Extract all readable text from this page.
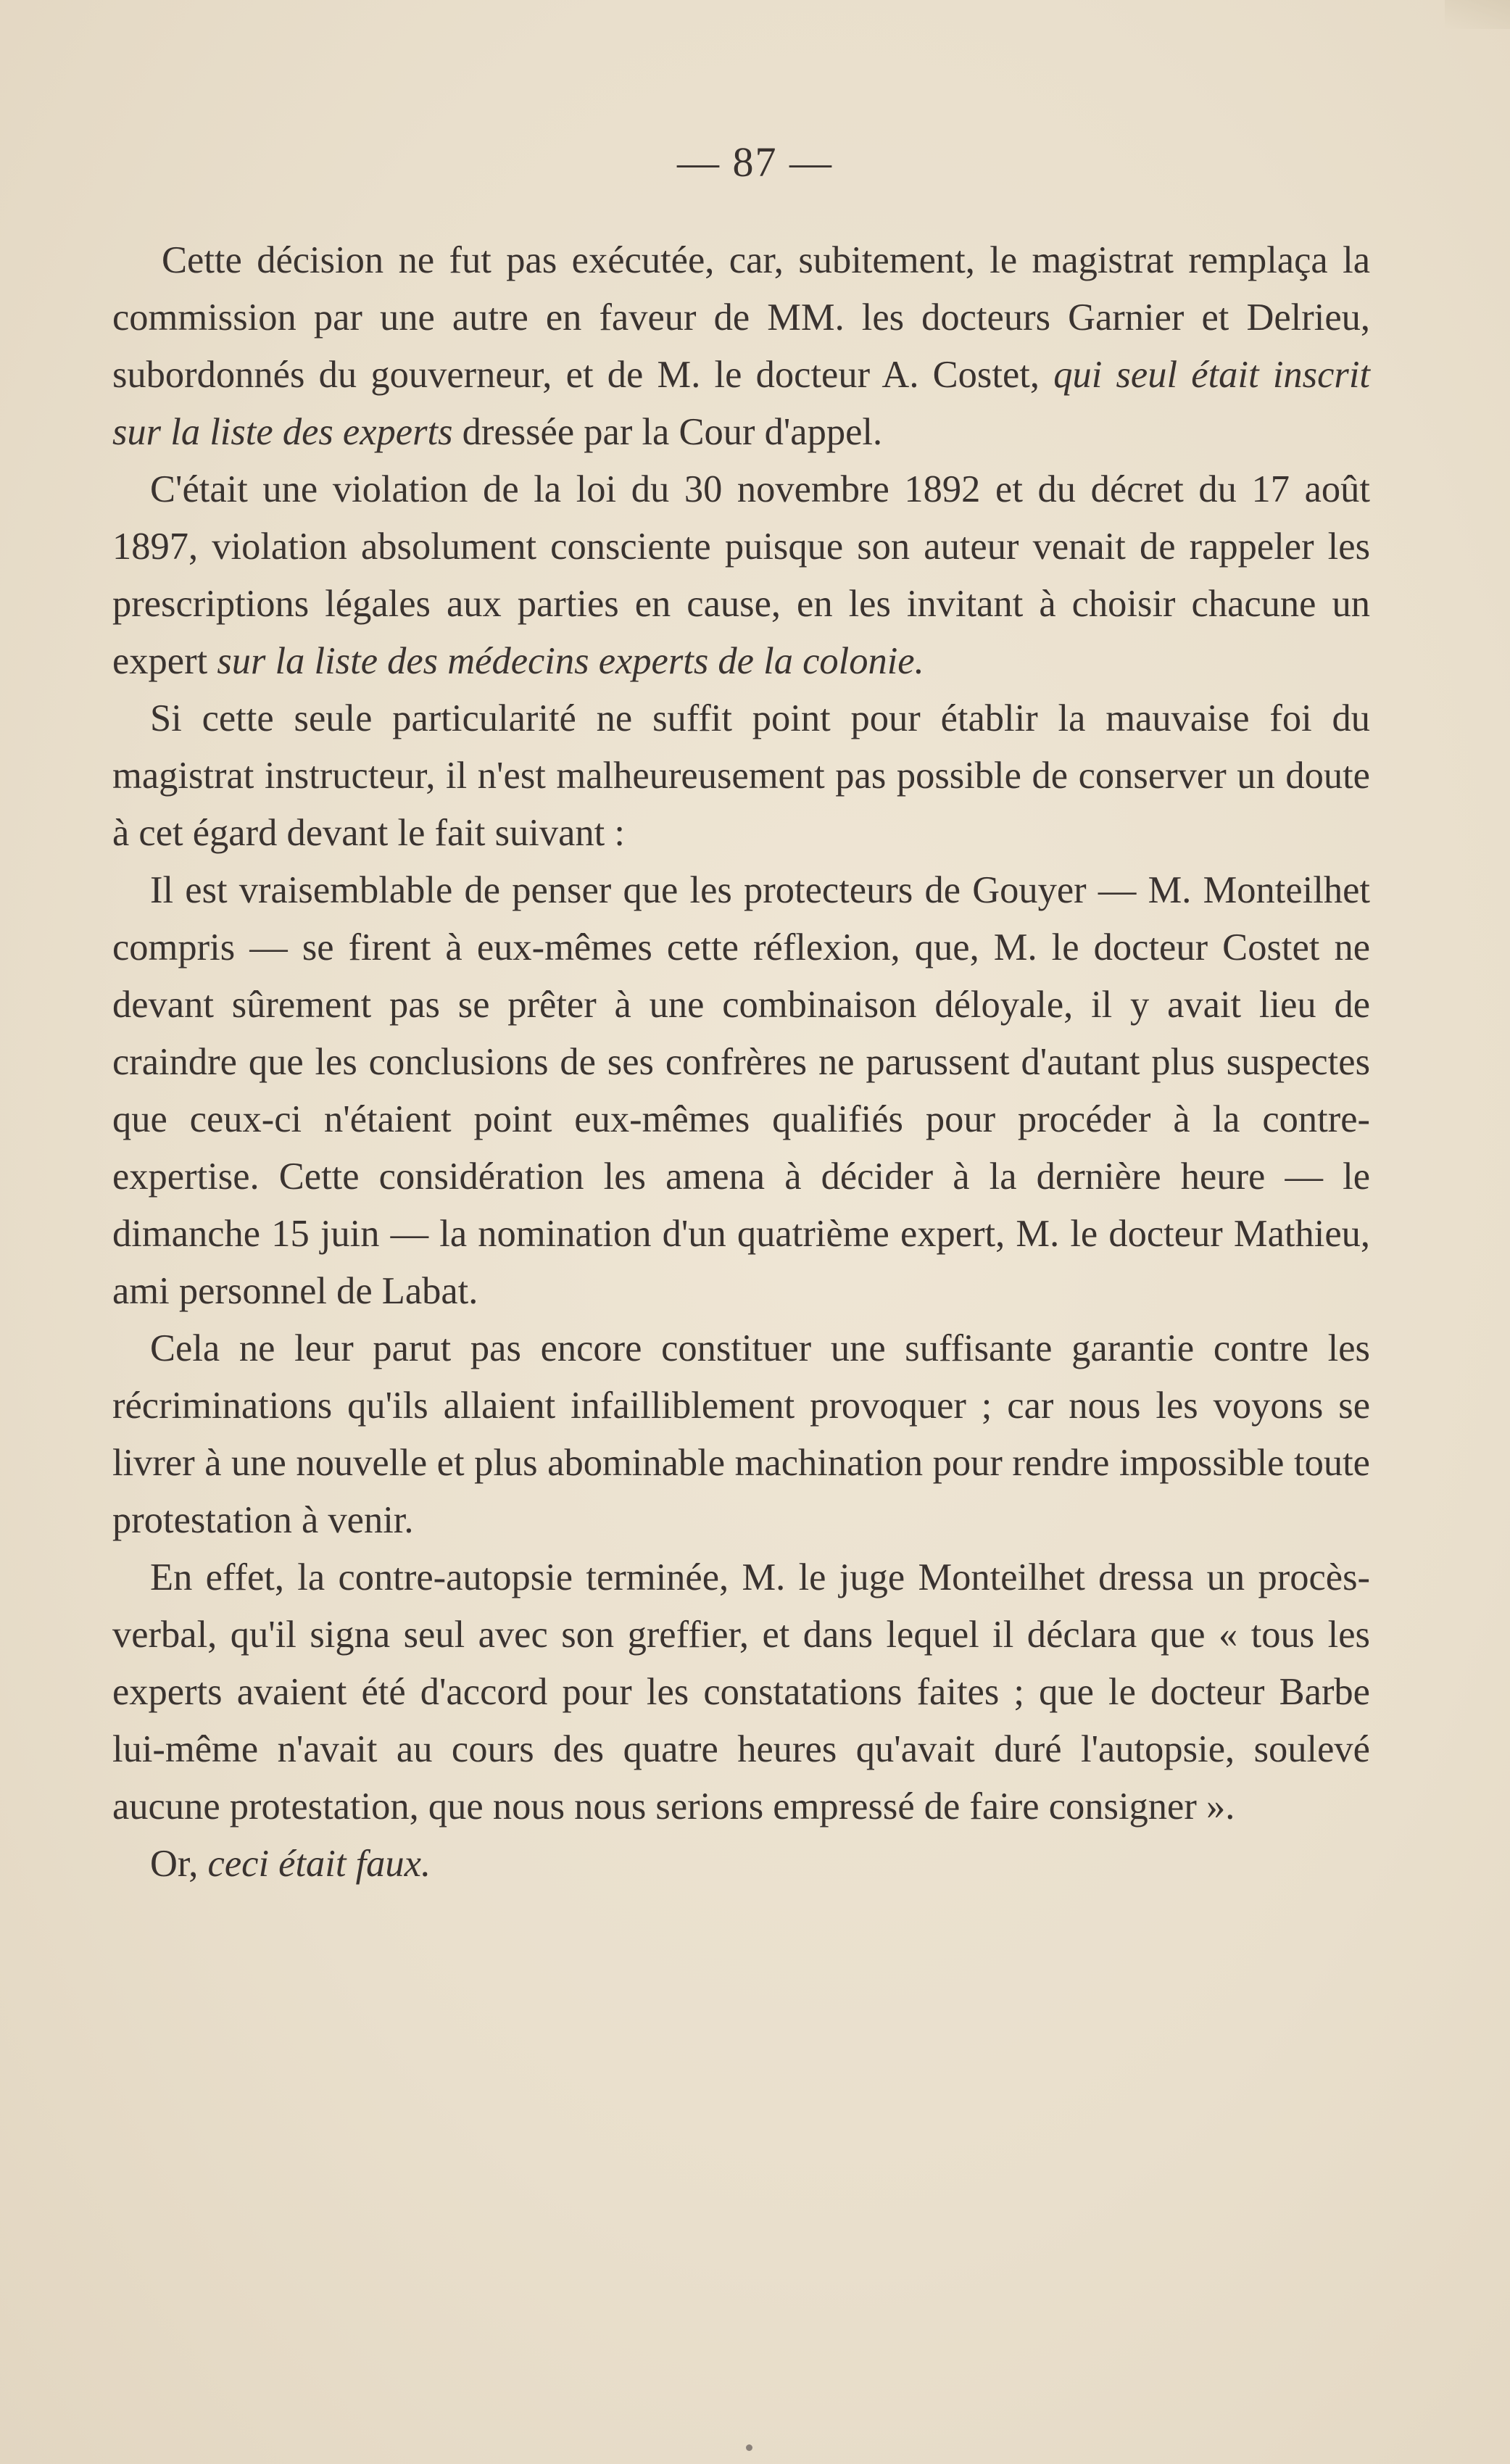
— 87 —

Cette décision ne fut pas exécutée, car, subitement, le magistrat remplaça la commission par une autre en faveur de MM. les docteurs Garnier et Delrieu, subordonnés du gouverneur, et de M. le docteur A. Costet, qui seul était inscrit sur la liste des experts dressée par la Cour d'appel.

C'était une violation de la loi du 30 novembre 1892 et du décret du 17 août 1897, violation absolument consciente puisque son auteur venait de rappeler les prescriptions légales aux parties en cause, en les invitant à choisir chacune un expert sur la liste des médecins experts de la colonie.

Si cette seule particularité ne suffit point pour établir la mauvaise foi du magistrat instructeur, il n'est malheureusement pas possible de conserver un doute à cet égard devant le fait suivant :

Il est vraisemblable de penser que les protecteurs de Gouyer — M. Monteilhet compris — se firent à eux-mêmes cette réflexion, que, M. le docteur Costet ne devant sûrement pas se prêter à une combinaison déloyale, il y avait lieu de craindre que les conclusions de ses confrères ne parussent d'autant plus suspectes que ceux-ci n'étaient point eux-mêmes qualifiés pour procéder à la contre-expertise. Cette considération les amena à décider à la dernière heure — le dimanche 15 juin — la nomination d'un quatrième expert, M. le docteur Mathieu, ami personnel de Labat.

Cela ne leur parut pas encore constituer une suffisante garantie contre les récriminations qu'ils allaient infailliblement provoquer ; car nous les voyons se livrer à une nouvelle et plus abominable machination pour rendre impossible toute protestation à venir.

En effet, la contre-autopsie terminée, M. le juge Monteilhet dressa un procès-verbal, qu'il signa seul avec son greffier, et dans lequel il déclara que « tous les experts avaient été d'accord pour les constatations faites ; que le docteur Barbe lui-même n'avait au cours des quatre heures qu'avait duré l'autopsie, soulevé aucune protestation, que nous nous serions empressé de faire consigner ».

Or, ceci était faux.
